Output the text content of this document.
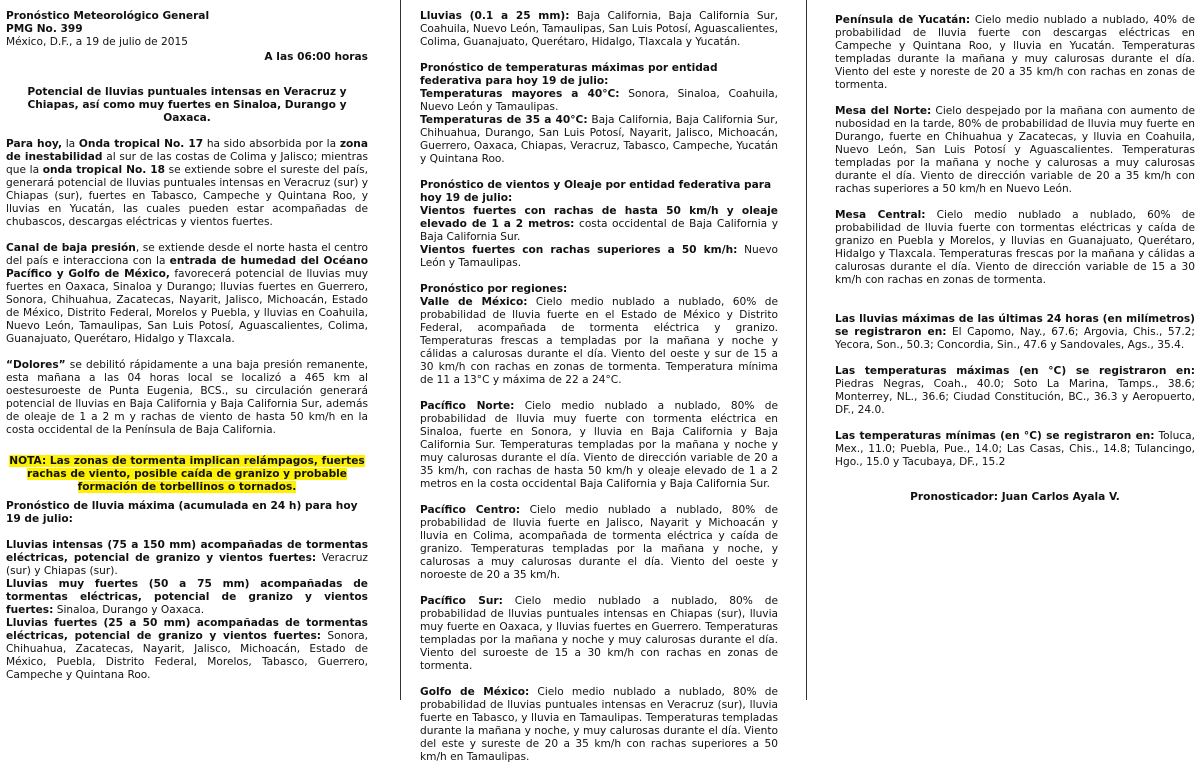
Pronóstico Meteorológico General

PMG No. 399

México, D.F., a 19 de julio de 2015

A las 06:00 horas

Potencial de lluvias puntuales intensas en Veracruz y Chiapas, así como muy fuertes en Sinaloa, Durango y Oaxaca.

Para hoy, la Onda tropical No. 17 ha sido absorbida por la zona de inestabilidad al sur de las costas de Colima y Jalisco; mientras que la onda tropical No. 18 se extiende sobre el sureste del país, generará potencial de lluvias puntuales intensas en Veracruz (sur) y Chiapas (sur), fuertes en Tabasco, Campeche y Quintana Roo, y lluvias en Yucatán, las cuales pueden estar acompañadas de chubascos, descargas eléctricas y vientos fuertes.

Canal de baja presión, se extiende desde el norte hasta el centro del país e interacciona con la entrada de humedad del Océano Pacífico y Golfo de México, favorecerá potencial de lluvias muy fuertes en Oaxaca, Sinaloa y Durango; lluvias fuertes en Guerrero, Sonora, Chihuahua, Zacatecas, Nayarit, Jalisco, Michoacán, Estado de México, Distrito Federal, Morelos y Puebla, y lluvias en Coahuila, Nuevo León, Tamaulipas, San Luis Potosí, Aguascalientes, Colima, Guanajuato, Querétaro, Hidalgo y Tlaxcala.

“Dolores” se debilitó rápidamente a una baja presión remanente, esta mañana a las 04 horas local se localizó a 465 km al oestesuroeste de Punta Eugenia, BCS., su circulación generará potencial de lluvias en Baja California y Baja California Sur, además de oleaje de 1 a 2 m y rachas de viento de hasta 50 km/h en la costa occidental de la Península de Baja California.

NOTA: Las zonas de tormenta implican relámpagos, fuertes rachas de viento, posible caída de granizo y probable formación de torbellinos o tornados.

Pronóstico de lluvia máxima (acumulada en 24 h) para hoy 19 de julio:

Lluvias intensas (75 a 150 mm) acompañadas de tormentas eléctricas, potencial de granizo y vientos fuertes: Veracruz (sur) y Chiapas (sur).

Lluvias muy fuertes (50 a 75 mm) acompañadas de tormentas eléctricas, potencial de granizo y vientos fuertes: Sinaloa, Durango y Oaxaca.

Lluvias fuertes (25 a 50 mm) acompañadas de tormentas eléctricas, potencial de granizo y vientos fuertes: Sonora, Chihuahua, Zacatecas, Nayarit, Jalisco, Michoacán, Estado de México, Puebla, Distrito Federal, Morelos, Tabasco, Guerrero, Campeche y Quintana Roo.

Lluvias (0.1 a 25 mm): Baja California, Baja California Sur, Coahuila, Nuevo León, Tamaulipas, San Luis Potosí, Aguascalientes, Colima, Guanajuato, Querétaro, Hidalgo, Tlaxcala y Yucatán.

Pronóstico de temperaturas máximas por entidad federativa para hoy 19 de julio:

Temperaturas mayores a 40°C: Sonora, Sinaloa, Coahuila, Nuevo León y Tamaulipas.

Temperaturas de 35 a 40°C: Baja California, Baja California Sur, Chihuahua, Durango, San Luis Potosí, Nayarit, Jalisco, Michoacán, Guerrero, Oaxaca, Chiapas, Veracruz, Tabasco, Campeche, Yucatán y Quintana Roo.

Pronóstico de vientos y Oleaje por entidad federativa para hoy 19 de julio:

Vientos fuertes con rachas de hasta 50 km/h y oleaje elevado de 1 a 2 metros: costa occidental de Baja California y Baja California Sur.

Vientos fuertes con rachas superiores a 50 km/h: Nuevo León y Tamaulipas.

Pronóstico por regiones:

Valle de México: Cielo medio nublado a nublado, 60% de probabilidad de lluvia fuerte en el Estado de México y Distrito Federal, acompañada de tormenta eléctrica y granizo. Temperaturas frescas a templadas por la mañana y noche y cálidas a calurosas durante el día. Viento del oeste y sur de 15 a 30 km/h con rachas en zonas de tormenta. Temperatura mínima de 11 a 13°C y máxima de 22 a 24°C.

Pacífico Norte: Cielo medio nublado a nublado, 80% de probabilidad de lluvia muy fuerte con tormenta eléctrica en Sinaloa, fuerte en Sonora, y lluvia en Baja California y Baja California Sur. Temperaturas templadas por la mañana y noche y muy calurosas durante el día. Viento de dirección variable de 20 a 35 km/h, con rachas de hasta 50 km/h y oleaje elevado de 1 a 2 metros en la costa occidental Baja California y Baja California Sur.

Pacífico Centro: Cielo medio nublado a nublado, 80% de probabilidad de lluvia fuerte en Jalisco, Nayarit y Michoacán y lluvia en Colima, acompañada de tormenta eléctrica y caída de granizo. Temperaturas templadas por la mañana y noche, y calurosas a muy calurosas durante el día. Viento del oeste y noroeste de 20 a 35 km/h.

Pacífico Sur: Cielo medio nublado a nublado, 80% de probabilidad de lluvias puntuales intensas en Chiapas (sur), lluvia muy fuerte en Oaxaca, y lluvias fuertes en Guerrero. Temperaturas templadas por la mañana y noche y muy calurosas durante el día. Viento del suroeste de 15 a 30 km/h con rachas en zonas de tormenta.

Golfo de México: Cielo medio nublado a nublado, 80% de probabilidad de lluvias puntuales intensas en Veracruz (sur), lluvia fuerte en Tabasco, y lluvia en Tamaulipas. Temperaturas templadas durante la mañana y noche, y muy calurosas durante el día. Viento del este y sureste de 20 a 35 km/h con rachas superiores a 50 km/h en Tamaulipas.

Península de Yucatán: Cielo medio nublado a nublado, 40% de probabilidad de lluvia fuerte con descargas eléctricas en Campeche y Quintana Roo, y lluvia en Yucatán. Temperaturas templadas durante la mañana y muy calurosas durante el día. Viento del este y noreste de 20 a 35 km/h con rachas en zonas de tormenta.

Mesa del Norte: Cielo despejado por la mañana con aumento de nubosidad en la tarde, 80% de probabilidad de lluvia muy fuerte en Durango, fuerte en Chihuahua y Zacatecas, y lluvia en Coahuila, Nuevo León, San Luis Potosí y Aguascalientes. Temperaturas templadas por la mañana y noche y calurosas a muy calurosas durante el día. Viento de dirección variable de 20 a 35 km/h con rachas superiores a 50 km/h en Nuevo León.

Mesa Central: Cielo medio nublado a nublado, 60% de probabilidad de lluvia fuerte con tormentas eléctricas y caída de granizo en Puebla y Morelos, y lluvias en Guanajuato, Querétaro, Hidalgo y Tlaxcala. Temperaturas frescas por la mañana y cálidas a calurosas durante el día. Viento de dirección variable de 15 a 30 km/h con rachas en zonas de tormenta.

Las lluvias máximas de las últimas 24 horas (en milímetros) se registraron en: El Capomo, Nay., 67.6; Argovia, Chis., 57.2; Yecora, Son., 50.3; Concordia, Sin., 47.6 y Sandovales, Ags., 35.4.

Las temperaturas máximas (en °C) se registraron en: Piedras Negras, Coah., 40.0; Soto La Marina, Tamps., 38.6; Monterrey, NL., 36.6; Ciudad Constitución, BC., 36.3 y Aeropuerto, DF., 24.0.

Las temperaturas mínimas (en °C) se registraron en: Toluca, Mex., 11.0; Puebla, Pue., 14.0; Las Casas, Chis., 14.8; Tulancingo, Hgo., 15.0 y Tacubaya, DF., 15.2

Pronosticador: Juan Carlos Ayala V.
